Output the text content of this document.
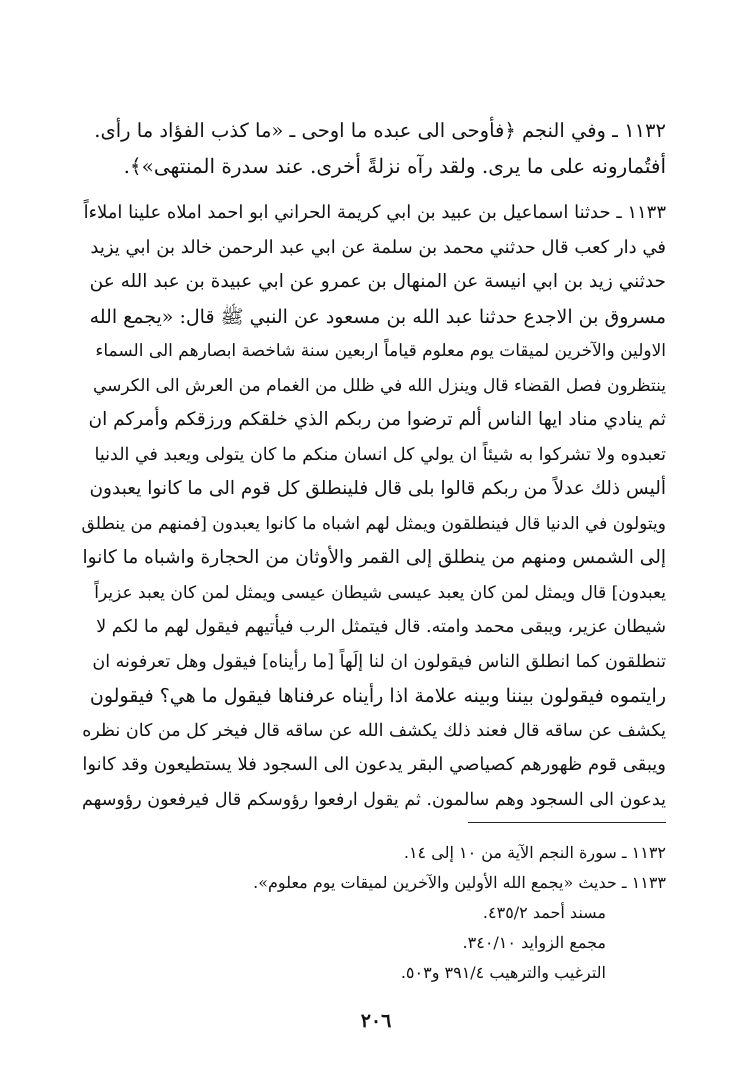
١١٣٢ ـ وفي النجم ﴿فأوحى الى عبده ما اوحى ـ «ما كذب الفؤاد ما رأى.
أفتُمارونه على ما يرى. ولقد رآه نزلةً أخرى. عند سدرة المنتهى»﴾.

١١٣٣ ـ حدثنا اسماعيل بن عبيد بن ابي كريمة الحراني ابو احمد املاه علينا املاءاً
في دار كعب قال حدثني محمد بن سلمة عن ابي عبد الرحمن خالد بن ابي يزيد
حدثني زيد بن ابي انيسة عن المنهال بن عمرو عن ابي عبيدة بن عبد الله عن
مسروق بن الاجدع حدثنا عبد الله بن مسعود عن النبي ﷺ قال: «يجمع الله
الاولين والآخرين لميقات يوم معلوم قياماً اربعين سنة شاخصة ابصارهم الى السماء
ينتظرون فصل القضاء قال وينزل الله في ظلل من الغمام من العرش الى الكرسي
ثم ينادي مناد ايها الناس ألم ترضوا من ربكم الذي خلقكم ورزقكم وأمركم ان
تعبدوه ولا تشركوا به شيئاً ان يولي كل انسان منكم ما كان يتولى ويعبد في الدنيا
أليس ذلك عدلاً من ربكم قالوا بلى قال فلينطلق كل قوم الى ما كانوا يعبدون
ويتولون في الدنيا قال فينطلقون ويمثل لهم اشباه ما كانوا يعبدون [فمنهم من ينطلق
إلى الشمس ومنهم من ينطلق إلى القمر والأوثان من الحجارة واشباه ما كانوا
يعبدون] قال ويمثل لمن كان يعبد عيسى شيطان عيسى ويمثل لمن كان يعبد عزيراً
شيطان عزير، ويبقى محمد وامته. قال فيتمثل الرب فيأتيهم فيقول لهم ما لكم لا
تنطلقون كما انطلق الناس فيقولون ان لنا إلَهاً [ما رأيناه] فيقول وهل تعرفونه ان
رايتموه فيقولون بيننا وبينه علامة اذا رأيناه عرفناها فيقول ما هي؟ فيقولون
يكشف عن ساقه قال فعند ذلك يكشف الله عن ساقه قال فيخر كل من كان نظره
ويبقى قوم ظهورهم كصياصي البقر يدعون الى السجود فلا يستطيعون وقد كانوا
يدعون الى السجود وهم سالمون. ثم يقول ارفعوا رؤوسكم قال فيرفعون رؤوسهم

١١٣٢ ـ سورة النجم الآية من ١٠ إلى ١٤.
١١٣٣ ـ حديث «يجمع الله الأولين والآخرين لميقات يوم معلوم».
مسند أحمد ٤٣٥/٢.
مجمع الزوايد ٣٤٠/١٠.
الترغيب والترهيب ٣٩١/٤ و٥٠٣.
٢٠٦
